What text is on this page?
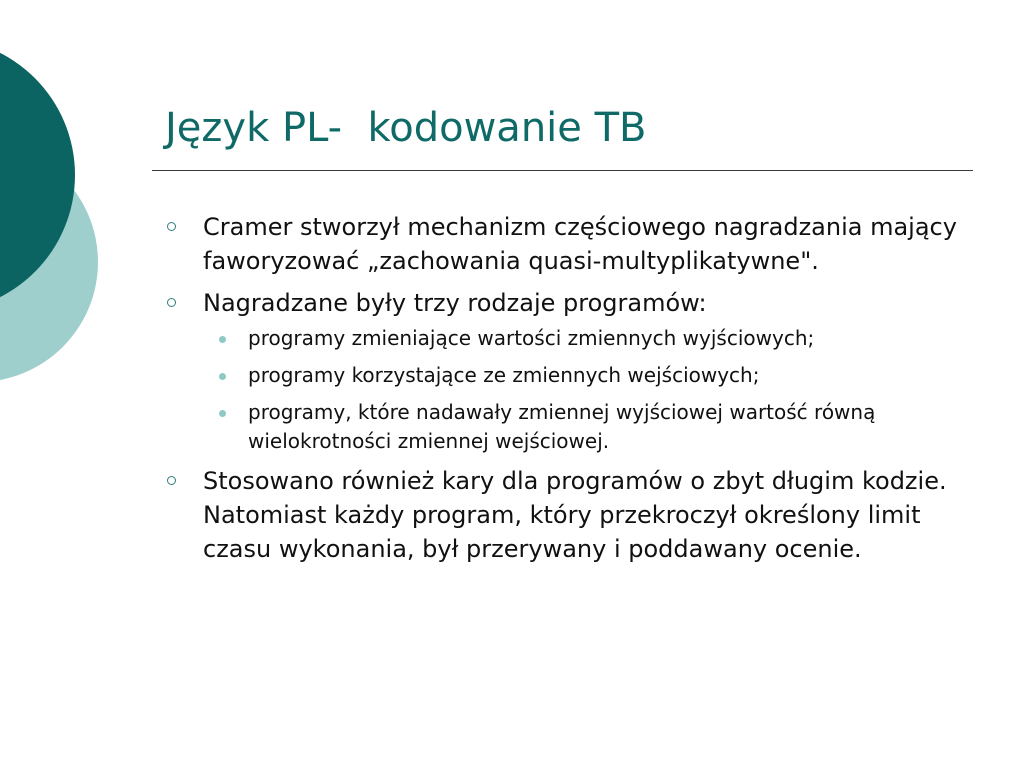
Język PL-  kodowanie TB
Cramer stworzył mechanizm częściowego nagradzania mający faworyzować „zachowania quasi-multyplikatywne".
Nagradzane były trzy rodzaje programów:
programy zmieniające wartości zmiennych wyjściowych;
programy korzystające ze zmiennych wejściowych;
programy, które nadawały zmiennej wyjściowej wartość równą wielokrotności zmiennej wejściowej.
Stosowano również kary dla programów o zbyt długim kodzie. Natomiast każdy program, który przekroczył określony limit czasu wykonania, był przerywany i poddawany ocenie.
